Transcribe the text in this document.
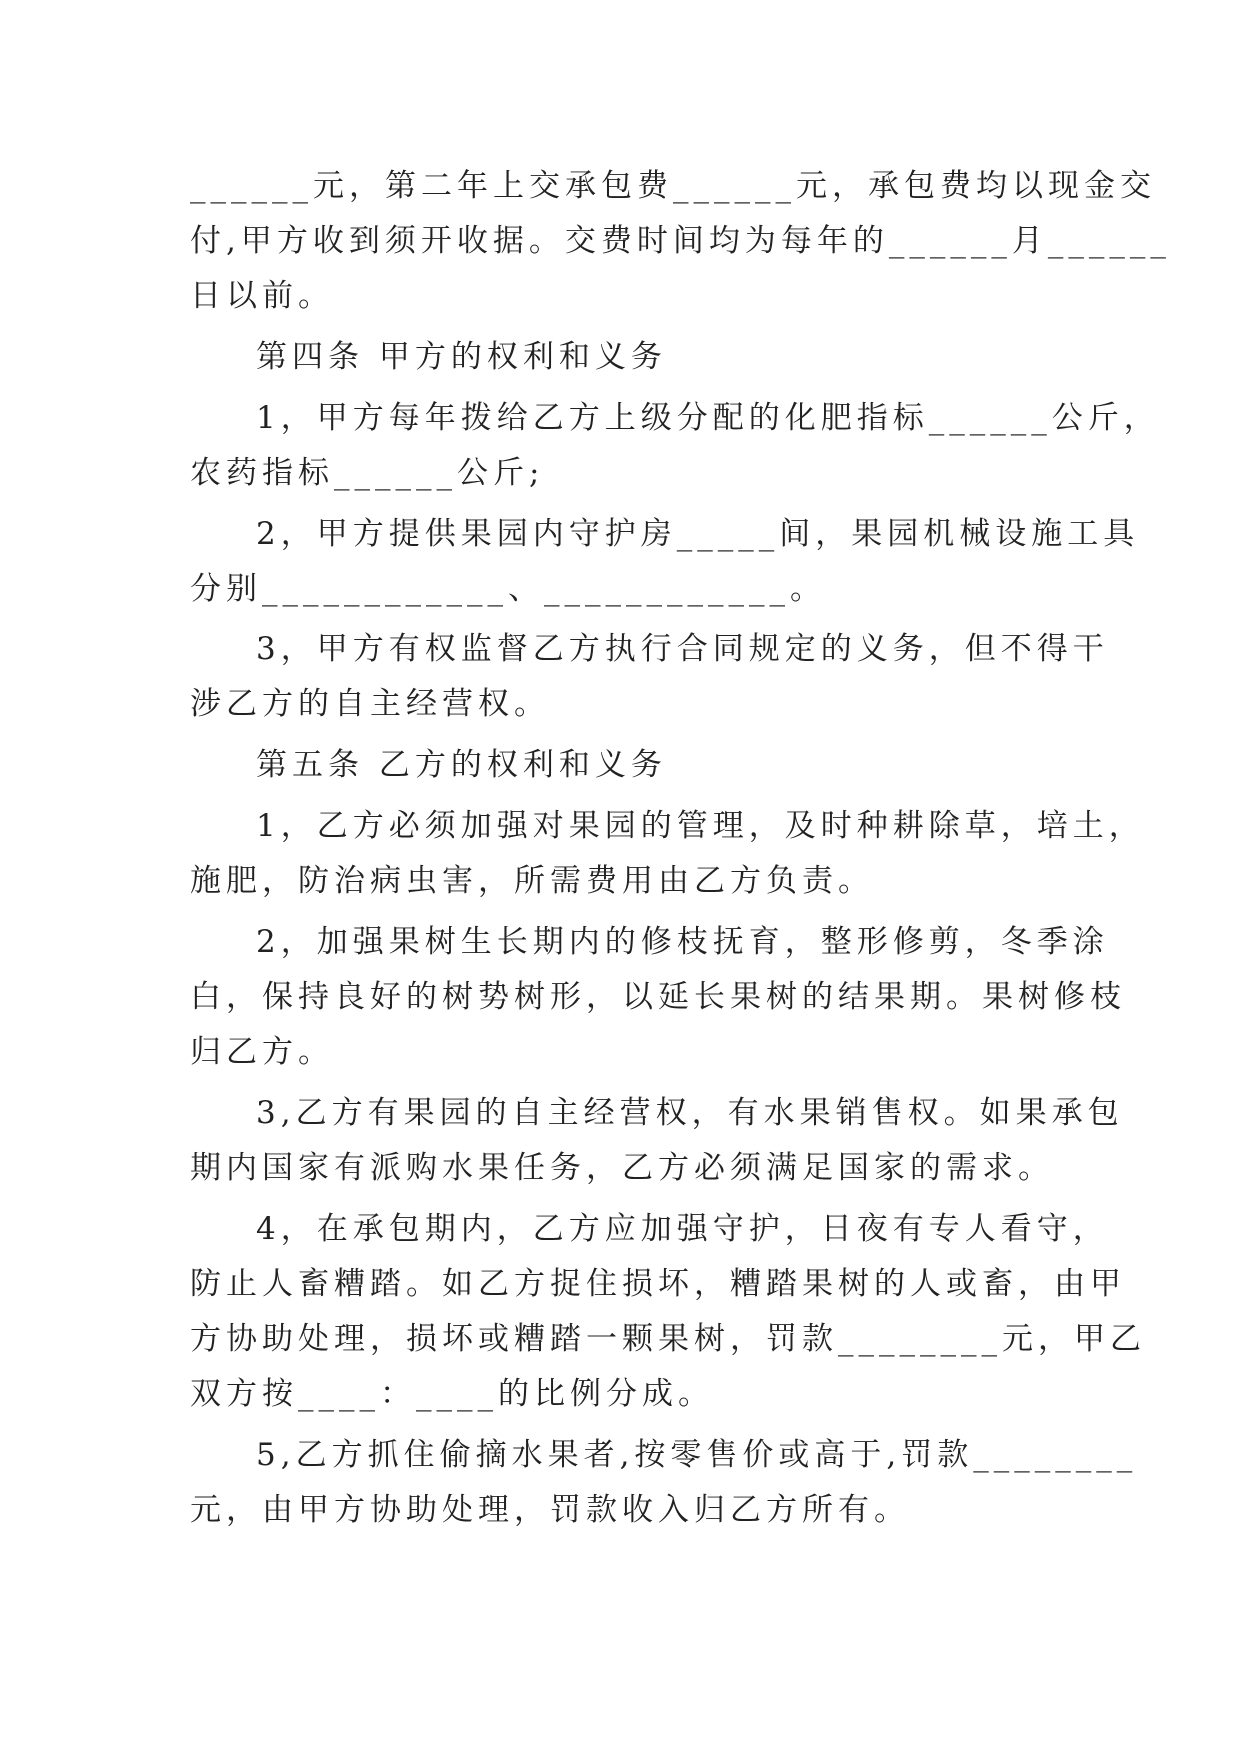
______元，第二年上交承包费______元，承包费均以现金交
付,甲方收到须开收据。交费时间均为每年的______月______
日以前。
第四条 甲方的权利和义务
1，甲方每年拨给乙方上级分配的化肥指标______公斤，
农药指标______公斤;
2，甲方提供果园内守护房_____间，果园机械设施工具
分别____________、____________。
3，甲方有权监督乙方执行合同规定的义务，但不得干
涉乙方的自主经营权。
第五条 乙方的权利和义务
1，乙方必须加强对果园的管理，及时种耕除草，培土，
施肥，防治病虫害，所需费用由乙方负责。
2，加强果树生长期内的修枝抚育，整形修剪，冬季涂
白，保持良好的树势树形，以延长果树的结果期。果树修枝
归乙方。
3,乙方有果园的自主经营权，有水果销售权。如果承包
期内国家有派购水果任务，乙方必须满足国家的需求。
4，在承包期内，乙方应加强守护，日夜有专人看守，
防止人畜糟踏。如乙方捉住损坏，糟踏果树的人或畜，由甲
方协助处理，损坏或糟踏一颗果树，罚款________元，甲乙
双方按____：____的比例分成。
5,乙方抓住偷摘水果者,按零售价或高于,罚款________
元，由甲方协助处理，罚款收入归乙方所有。
